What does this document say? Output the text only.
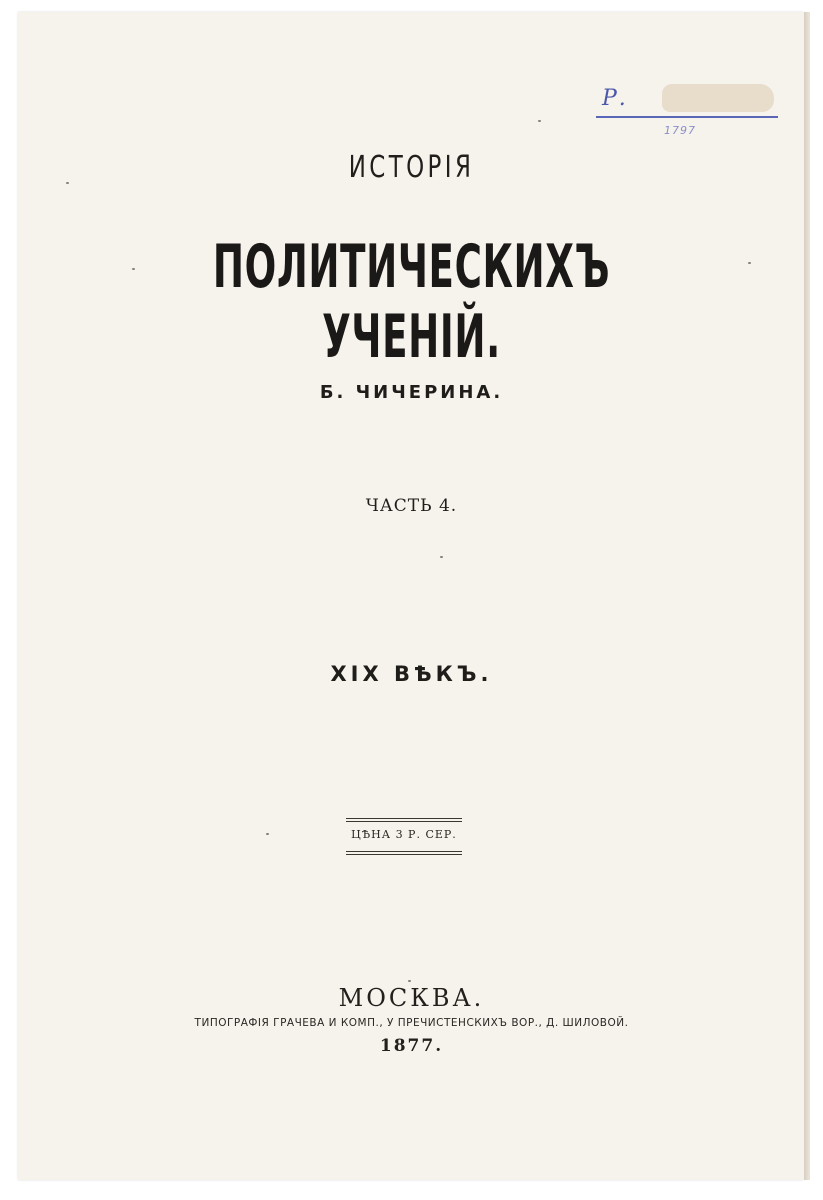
Р.
1797
ИСТОРІЯ
ПОЛИТИЧЕСКИХЪ УЧЕНІЙ.
Б. ЧИЧЕРИНА.
ЧАСТЬ 4.
XIX ВѢКЪ.
ЦѢНА 3 Р. СЕР.
МОСКВА.
ТИПОГРАФІЯ ГРАЧЕВА И КОМП., У ПРЕЧИСТЕНСКИХЪ ВОР., Д. ШИЛОВОЙ.
1877.
